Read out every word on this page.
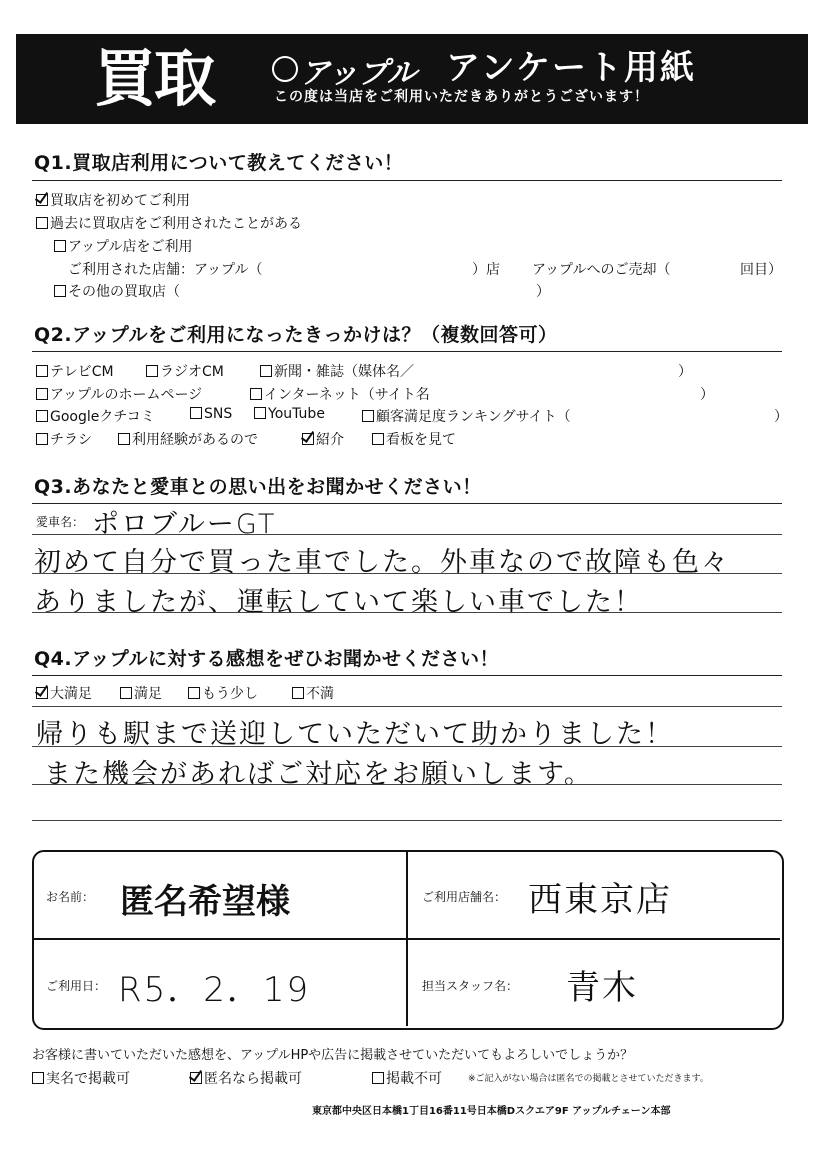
買取	アップル アンケート用紙
この度は当店をご利用いただきありがとうございます！
Q1.買取店利用について教えてください！
買取店を初めてご利用
過去に買取店をご利用されたことがある
アップル店をご利用
ご利用された店舗：アップル（	）店 アップルへのご売却（	回目）
その他の買取店（	）
Q2.アップルをご利用になったきっかけは？（複数回答可）
テレビCM	ラジオCM	新聞・雑誌（媒体名／	）
アップルのホームページ	インターネット（サイト名	）
Googleクチコミ	SNS	YouTube	顧客満足度ランキングサイト（	）
チラシ	利用経験があるので	紹介	看板を見て
Q3.あなたと愛車との思い出をお聞かせください！
愛車名： ポロブルーGT
初めて自分で買った車でした。外車なので故障も色々
ありましたが、運転していて楽しい車でした！
Q4.アップルに対する感想をぜひお聞かせください！
大満足	満足	もう少し	不満
帰りも駅まで送迎していただいて助かりました！
また機会があればご対応をお願いします。
お名前： 匿名希望様	ご利用店舗名： 西東京店
ご利用日： R5．2．19	担当スタッフ名： 青木
お客様に書いていただいた感想を、アップルHPや広告に掲載させていただいてもよろしいでしょうか？
実名で掲載可	匿名なら掲載可	掲載不可	※ご記入がない場合は匿名での掲載とさせていただきます。
東京都中央区日本橋1丁目16番11号日本橋Dスクエア9F アップルチェーン本部
